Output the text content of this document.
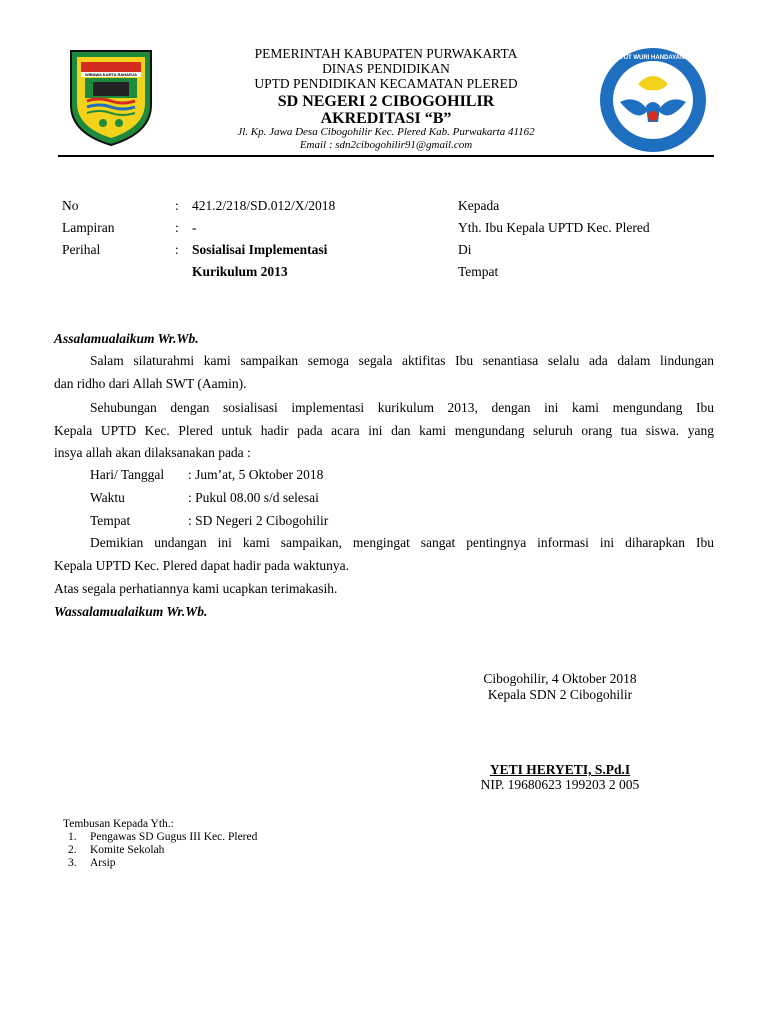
WIBAWA KARTA RAHARJA
TUT WURI HANDAYANI
PEMERINTAH KABUPATEN PURWAKARTA
DINAS PENDIDIKAN
UPTD PENDIDIKAN KECAMATAN PLERED
SD NEGERI 2 CIBOGOHILIR
AKREDITASI “B”
Jl. Kp. Jawa Desa Cibogohilir Kec. Plered Kab. Purwakarta 41162
Email : sdn2cibogohilir91@gmail.com
No	: 421.2/218/SD.012/X/2018
Lampiran	: -
Perihal	: Sosialisai Implementasi
Kurikulum 2013
Kepada
Yth. Ibu Kepala UPTD Kec. Plered
Di
Tempat
Assalamualaikum Wr.Wb.
Salam silaturahmi kami sampaikan semoga segala aktifitas Ibu senantiasa selalu ada dalam lindungan
dan ridho dari Allah SWT (Aamin).
Sehubungan dengan sosialisasi implementasi kurikulum 2013, dengan ini kami mengundang Ibu
Kepala UPTD Kec. Plered untuk hadir pada acara ini dan kami mengundang seluruh orang tua siswa. yang
insya allah akan dilaksanakan pada :
Hari/ Tanggal : Jum’at, 5 Oktober 2018
Waktu	: Pukul 08.00 s/d selesai
Tempat	: SD Negeri 2 Cibogohilir
Demikian undangan ini kami sampaikan, mengingat sangat pentingnya informasi ini diharapkan Ibu
Kepala UPTD Kec. Plered dapat hadir pada waktunya.
Atas segala perhatiannya kami ucapkan terimakasih.
Wassalamualaikum Wr.Wb.
Cibogohilir, 4 Oktober 2018
Kepala SDN 2 Cibogohilir
YETI HERYETI, S.Pd.I
NIP. 19680623 199203 2 005
Tembusan Kepada Yth.:
1. Pengawas SD Gugus III Kec. Plered
2. Komite Sekolah
3. Arsip
